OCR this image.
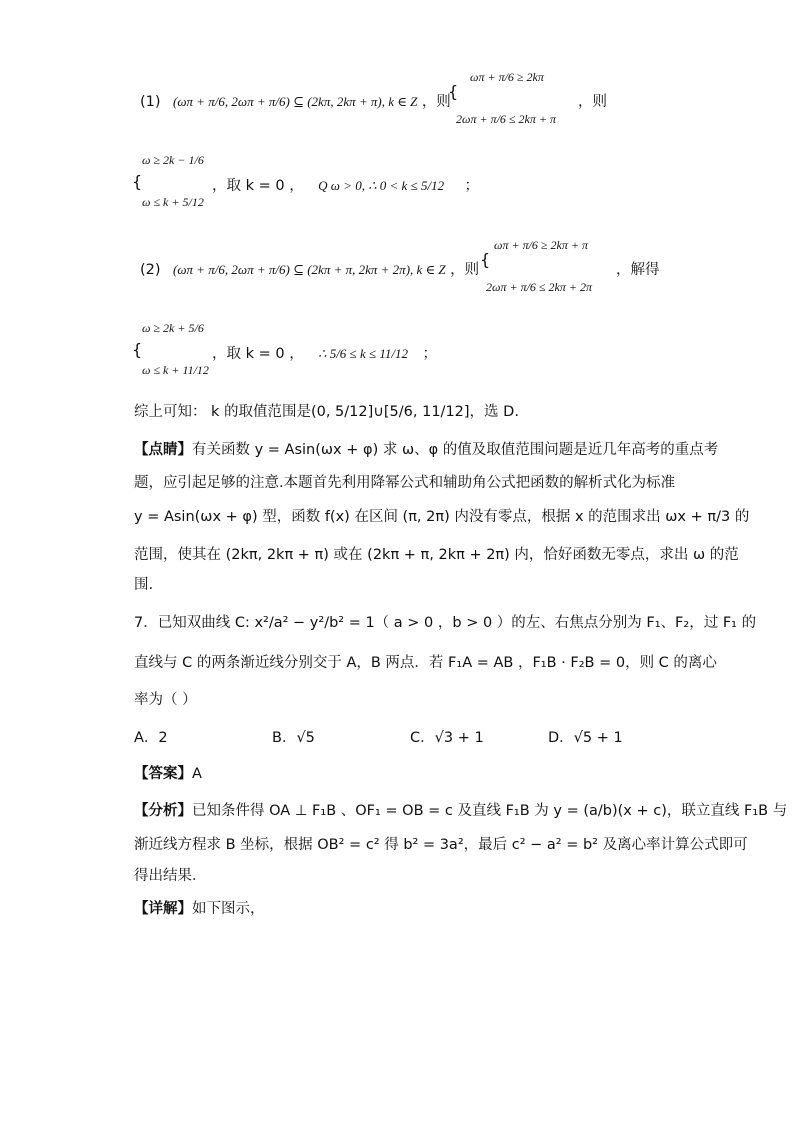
(1) (ωπ + π/6, 2ωπ + π/6) ⊆ (2kπ, 2kπ + π), k ∈ Z ，则
{
ωπ + π/6 ≥ 2kπ
2ωπ + π/6 ≤ 2kπ + π
，则
{
ω ≥ 2k − 1/6
ω ≤ k + 5/12
，取 k = 0 ， Q ω > 0, ∴ 0 < k ≤ 5/12 ；
(2) (ωπ + π/6, 2ωπ + π/6) ⊆ (2kπ + π, 2kπ + 2π), k ∈ Z ，则
{
ωπ + π/6 ≥ 2kπ + π
2ωπ + π/6 ≤ 2kπ + 2π
，解得
{
ω ≥ 2k + 5/6
ω ≤ k + 11/12
，取 k = 0 ， ∴ 5/6 ≤ k ≤ 11/12 ；
综上可知： k 的取值范围是(0, 5/12]∪[5/6, 11/12]，选 D.
【点睛】有关函数 y = Asin(ωx + φ) 求 ω、φ 的值及取值范围问题是近几年高考的重点考
题，应引起足够的注意.本题首先利用降幂公式和辅助角公式把函数的解析式化为标准
y = Asin(ωx + φ) 型，函数 f(x) 在区间 (π, 2π) 内没有零点，根据 x 的范围求出 ωx + π/3 的
范围，使其在 (2kπ, 2kπ + π) 或在 (2kπ + π, 2kπ + 2π) 内，恰好函数无零点，求出 ω 的范
围.
7．已知双曲线 C: x²/a² − y²/b² = 1（ a > 0 ，b > 0 ）的左、右焦点分别为 F₁、F₂，过 F₁ 的
直线与 C 的两条渐近线分别交于 A，B 两点．若 F₁A = AB ，F₁B · F₂B = 0，则 C 的离心
率为（ ）
A．2	B．√5	C．√3 + 1	D．√5 + 1
【答案】A
【分析】已知条件得 OA ⊥ F₁B 、OF₁ = OB = c 及直线 F₁B 为 y = (a/b)(x + c)，联立直线 F₁B 与
渐近线方程求 B 坐标，根据 OB² = c² 得 b² = 3a²，最后 c² − a² = b² 及离心率计算公式即可
得出结果．
【详解】如下图示，
